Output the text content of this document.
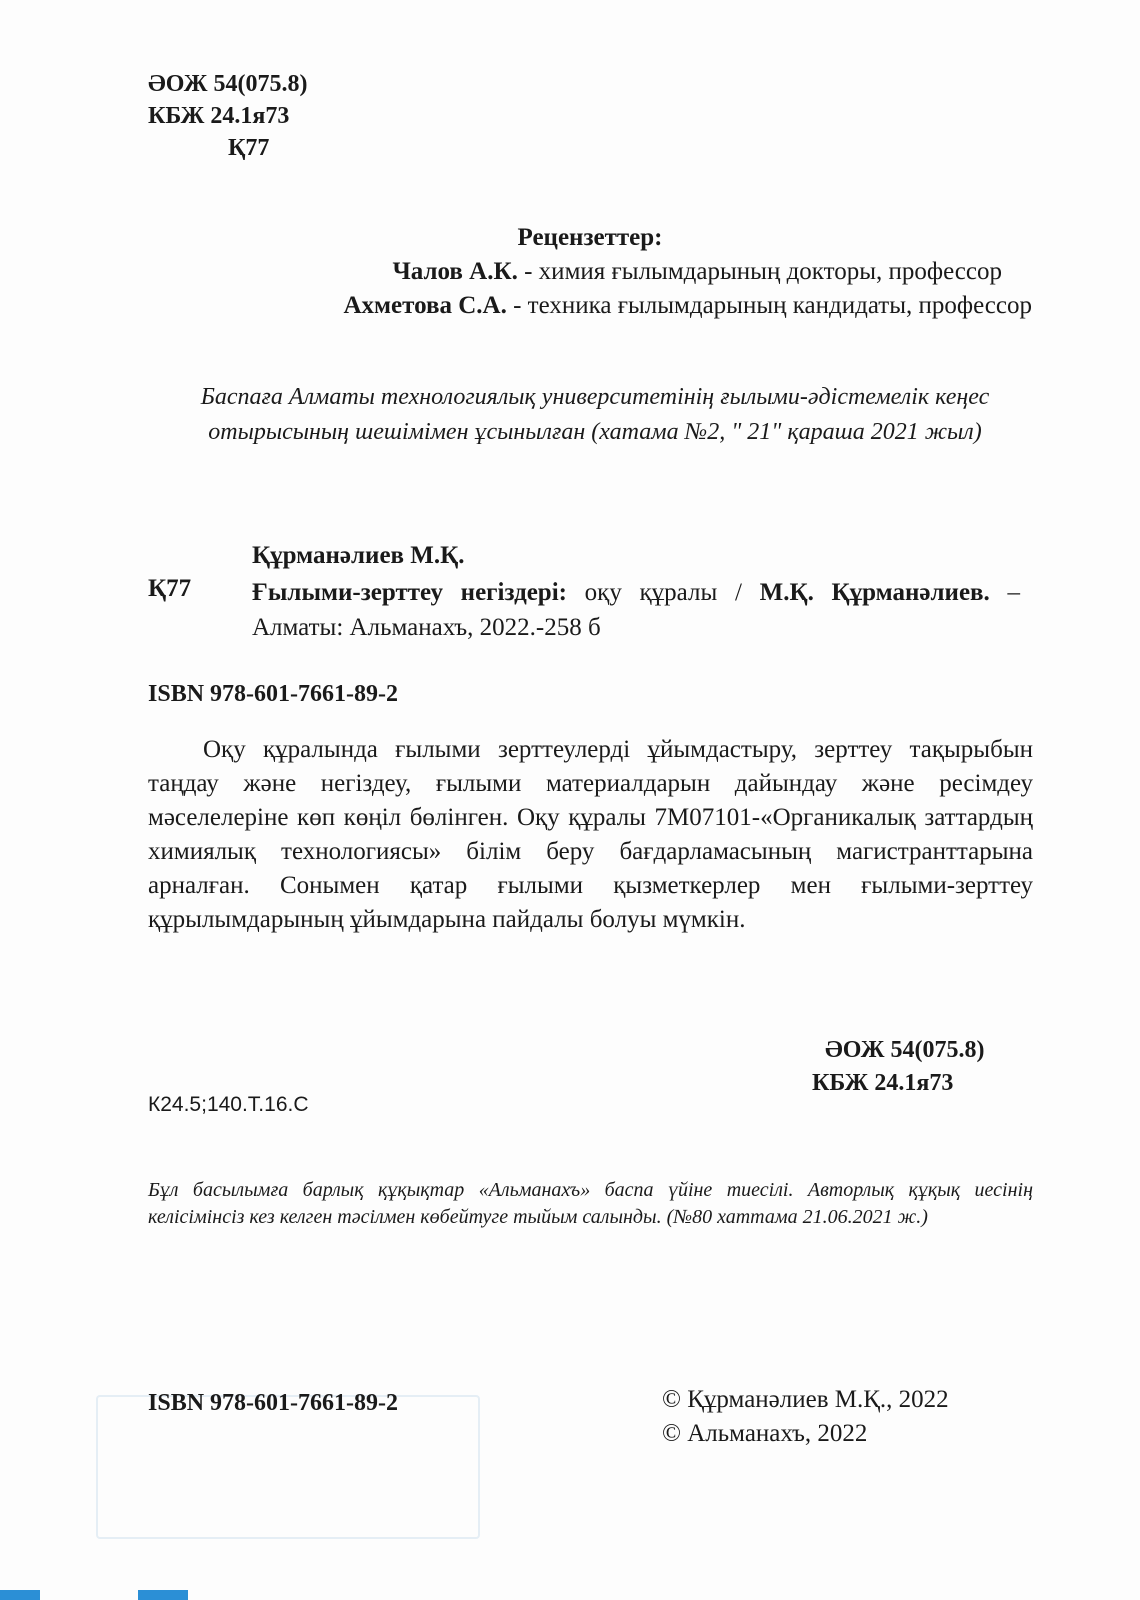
ӘОЖ 54(075.8)
КБЖ 24.1я73
Қ77
Рецензеттер:
Чалов А.К. - химия ғылымдарының докторы, профессор
Ахметова С.А. - техника ғылымдарының кандидаты, профессор
Баспаға Алматы технологиялық университетінің ғылыми-әдістемелік кеңес отырысының шешімімен ұсынылған (хатама №2, " 21" қараша 2021 жыл)
Құрманәлиев М.Қ.
Қ77 Ғылыми-зерттеу негіздері: оқу құралы / М.Қ. Құрманәлиев. – Алматы: Альманахъ, 2022.-258 б
ISBN 978-601-7661-89-2

Оқу құралында ғылыми зерттеулерді ұйымдастыру, зерттеу тақырыбын таңдау және негіздеу, ғылыми материалдарын дайындау және ресімдеу мәселелеріне көп көңіл бөлінген. Оқу құралы 7М07101-«Органикалық заттардың химиялық технологиясы» білім беру бағдарламасының магистранттарына арналған. Сонымен қатар ғылыми қызметкерлер мен ғылыми-зерттеу құрылымдарының ұйымдарына пайдалы болуы мүмкін.

ӘОЖ 54(075.8)
КБЖ 24.1я73
К24.5;140.Т.16.С
Бұл басылымға барлық құқықтар «Альманахъ» баспа үйіне тиесілі. Авторлық құқық иесінің келісімінсіз кез келген тәсілмен көбейтуге тыйым салынды. (№80 хаттама 21.06.2021 ж.)
ISBN 978-601-7661-89-2	© Құрманәлиев М.Қ., 2022
© Альманахъ, 2022
